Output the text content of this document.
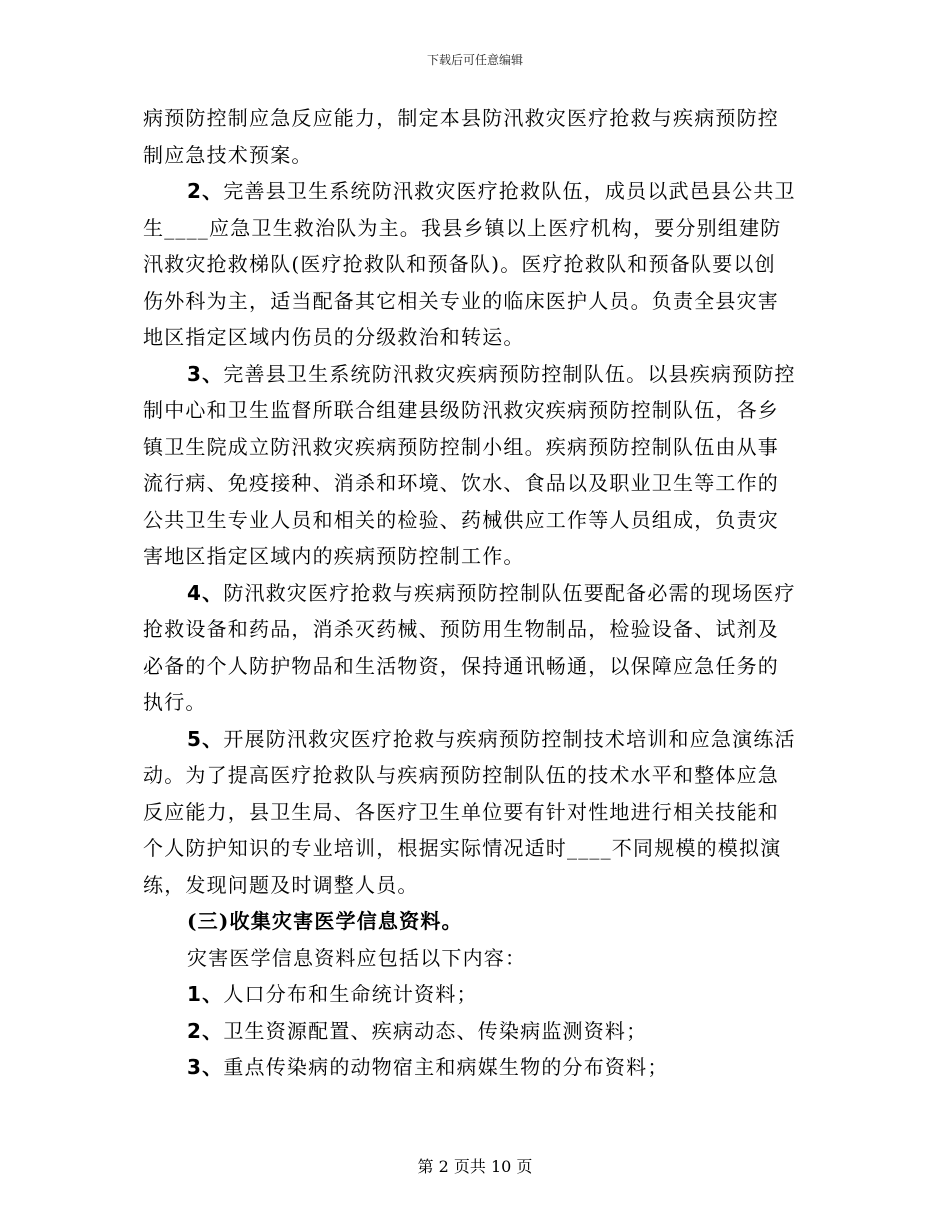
下载后可任意编辑
病预防控制应急反应能力，制定本县防汛救灾医疗抢救与疾病预防控
制应急技术预案。
2、完善县卫生系统防汛救灾医疗抢救队伍，成员以武邑县公共卫
生____应急卫生救治队为主。我县乡镇以上医疗机构，要分别组建防
汛救灾抢救梯队(医疗抢救队和预备队)。医疗抢救队和预备队要以创
伤外科为主，适当配备其它相关专业的临床医护人员。负责全县灾害
地区指定区域内伤员的分级救治和转运。
3、完善县卫生系统防汛救灾疾病预防控制队伍。以县疾病预防控
制中心和卫生监督所联合组建县级防汛救灾疾病预防控制队伍，各乡
镇卫生院成立防汛救灾疾病预防控制小组。疾病预防控制队伍由从事
流行病、免疫接种、消杀和环境、饮水、食品以及职业卫生等工作的
公共卫生专业人员和相关的检验、药械供应工作等人员组成，负责灾
害地区指定区域内的疾病预防控制工作。
4、防汛救灾医疗抢救与疾病预防控制队伍要配备必需的现场医疗
抢救设备和药品，消杀灭药械、预防用生物制品，检验设备、试剂及
必备的个人防护物品和生活物资，保持通讯畅通，以保障应急任务的
执行。
5、开展防汛救灾医疗抢救与疾病预防控制技术培训和应急演练活
动。为了提高医疗抢救队与疾病预防控制队伍的技术水平和整体应急
反应能力，县卫生局、各医疗卫生单位要有针对性地进行相关技能和
个人防护知识的专业培训，根据实际情况适时____不同规模的模拟演
练，发现问题及时调整人员。
(三)收集灾害医学信息资料。
灾害医学信息资料应包括以下内容：
1、人口分布和生命统计资料；
2、卫生资源配置、疾病动态、传染病监测资料；
3、重点传染病的动物宿主和病媒生物的分布资料；
第 2 页共 10 页
